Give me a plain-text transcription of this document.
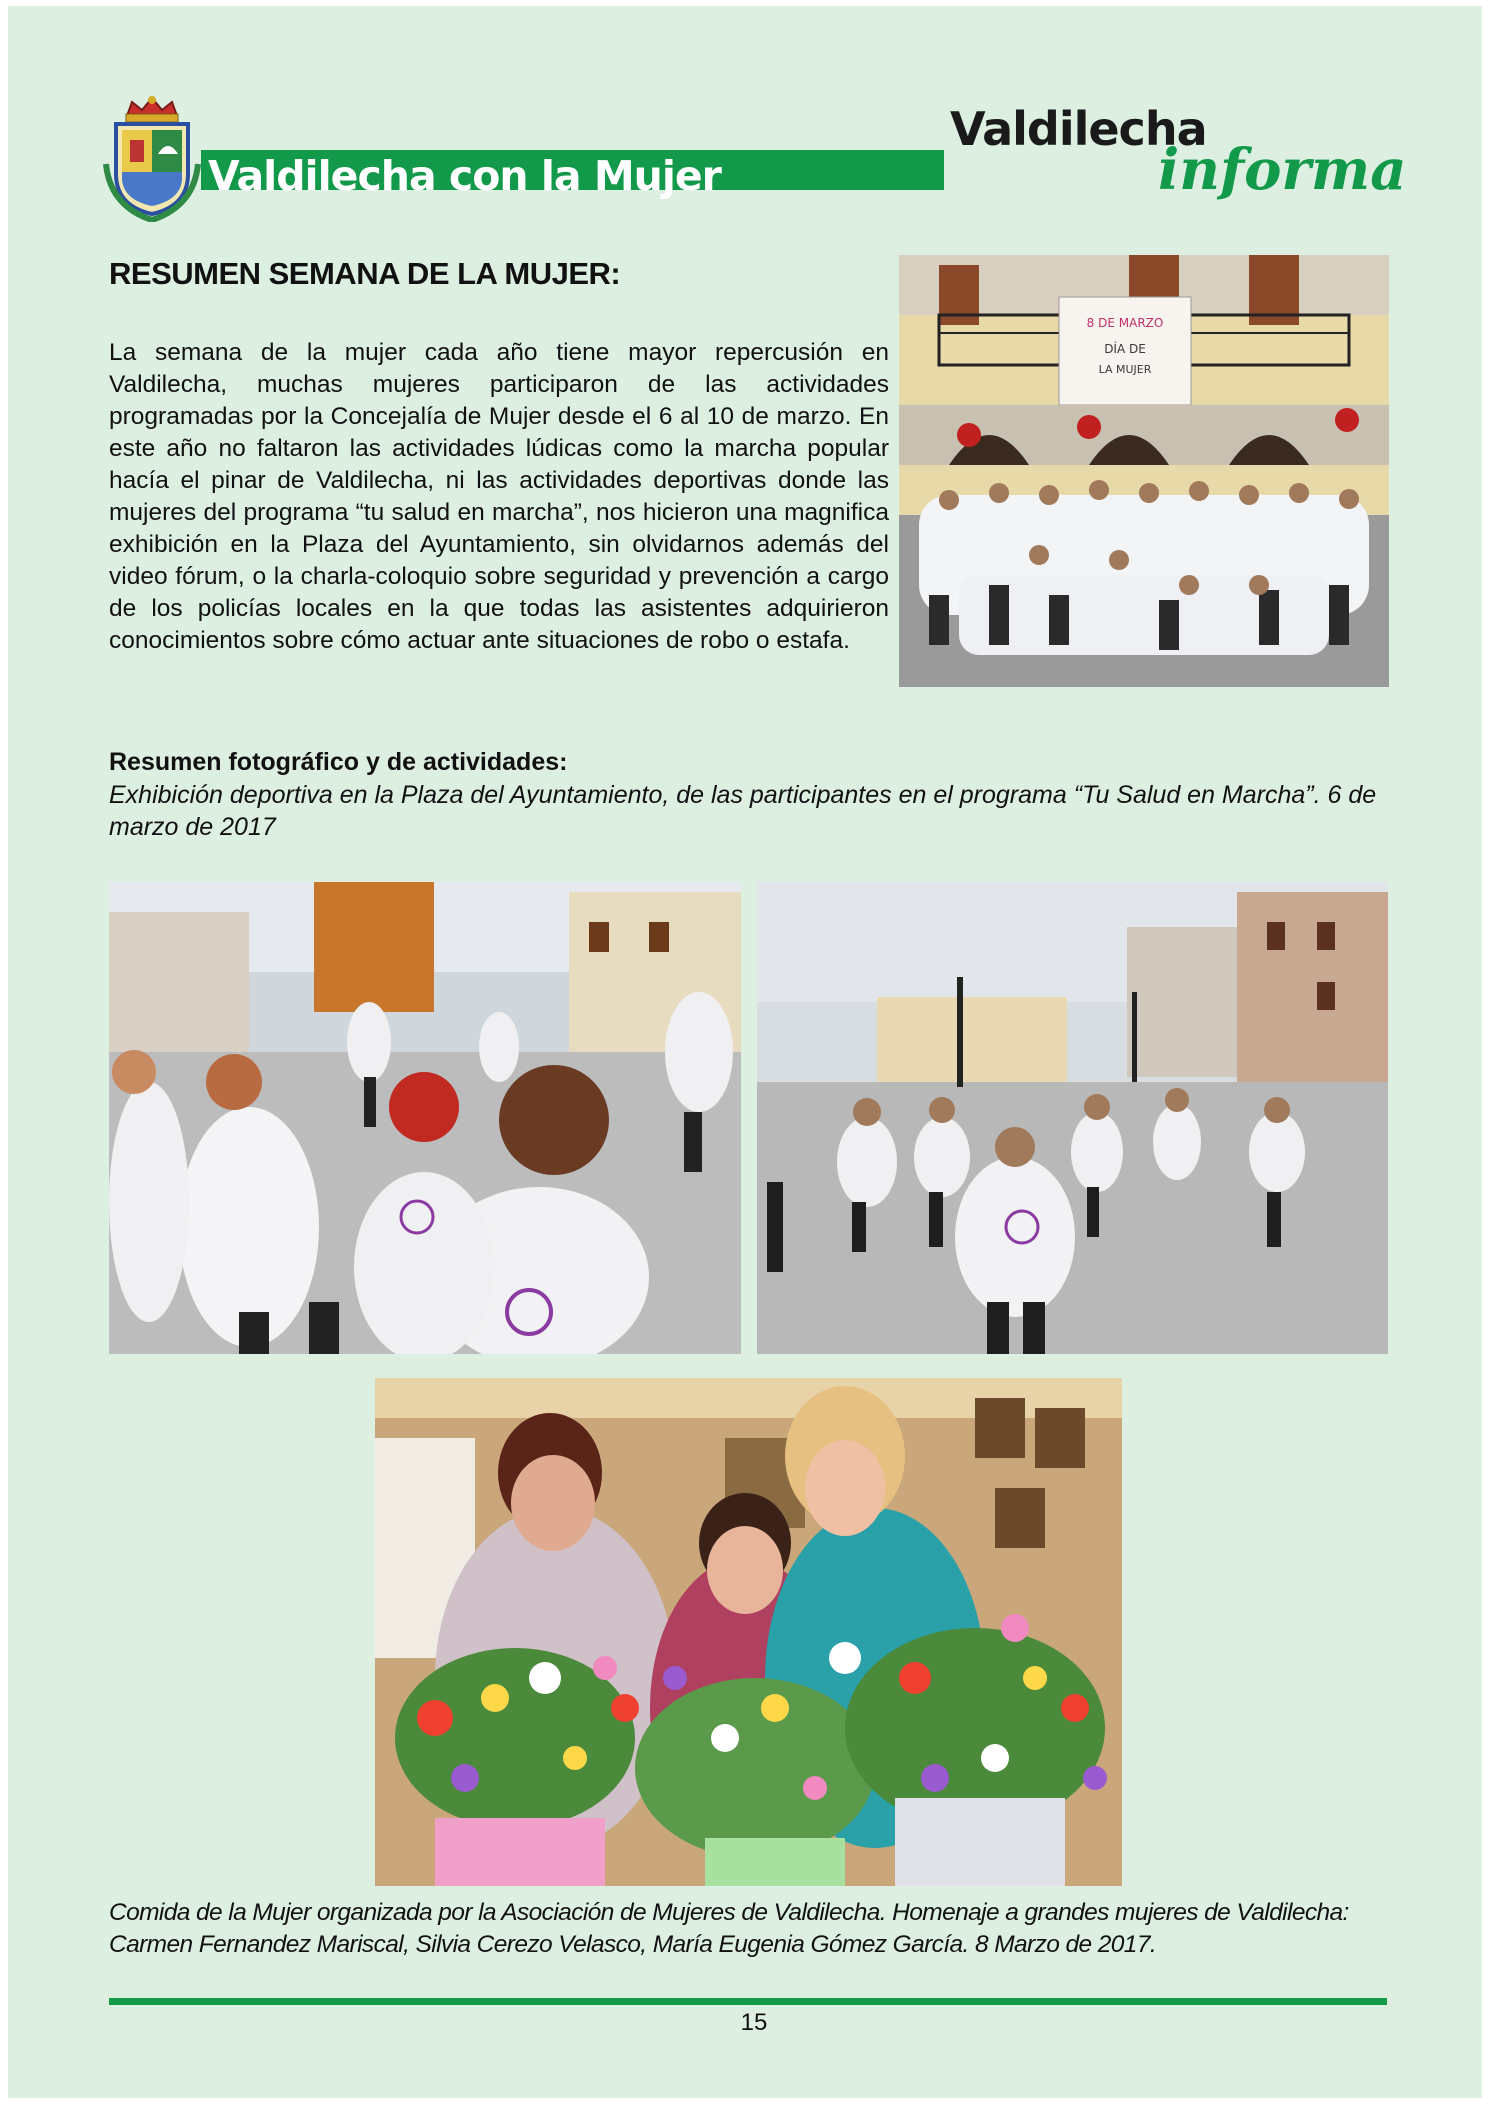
Valdilecha con la Mujer
Valdilecha
informa
RESUMEN SEMANA DE LA MUJER:

La semana de la mujer cada año tiene mayor repercusión en Valdilecha, muchas mujeres participaron de las actividades programadas por la Concejalía de Mujer desde el 6 al 10 de marzo. En este año no faltaron las actividades lúdicas como la marcha popular hacía el pinar de Valdilecha, ni las actividades deportivas donde las mujeres del programa “tu salud en marcha”, nos hicieron una magnifica exhibición en la Plaza del Ayuntamiento, sin olvidarnos además del video fórum, o la charla-coloquio sobre seguridad y prevención a cargo de los policías locales en la que todas las asistentes adquirieron conocimientos sobre cómo actuar ante situaciones de robo o estafa.

8 DE MARZO
DÍA DE
LA MUJER
Resumen fotográfico y de actividades:

Exhibición deportiva en la Plaza del Ayuntamiento, de las participantes en el programa “Tu Salud en Marcha”. 6 de marzo de 2017

Comida de la Mujer organizada por la Asociación de Mujeres de Valdilecha. Homenaje a grandes mujeres de Valdilecha: Carmen Fernandez Mariscal, Silvia Cerezo Velasco, María Eugenia Gómez García. 8 Marzo de 2017.

15
